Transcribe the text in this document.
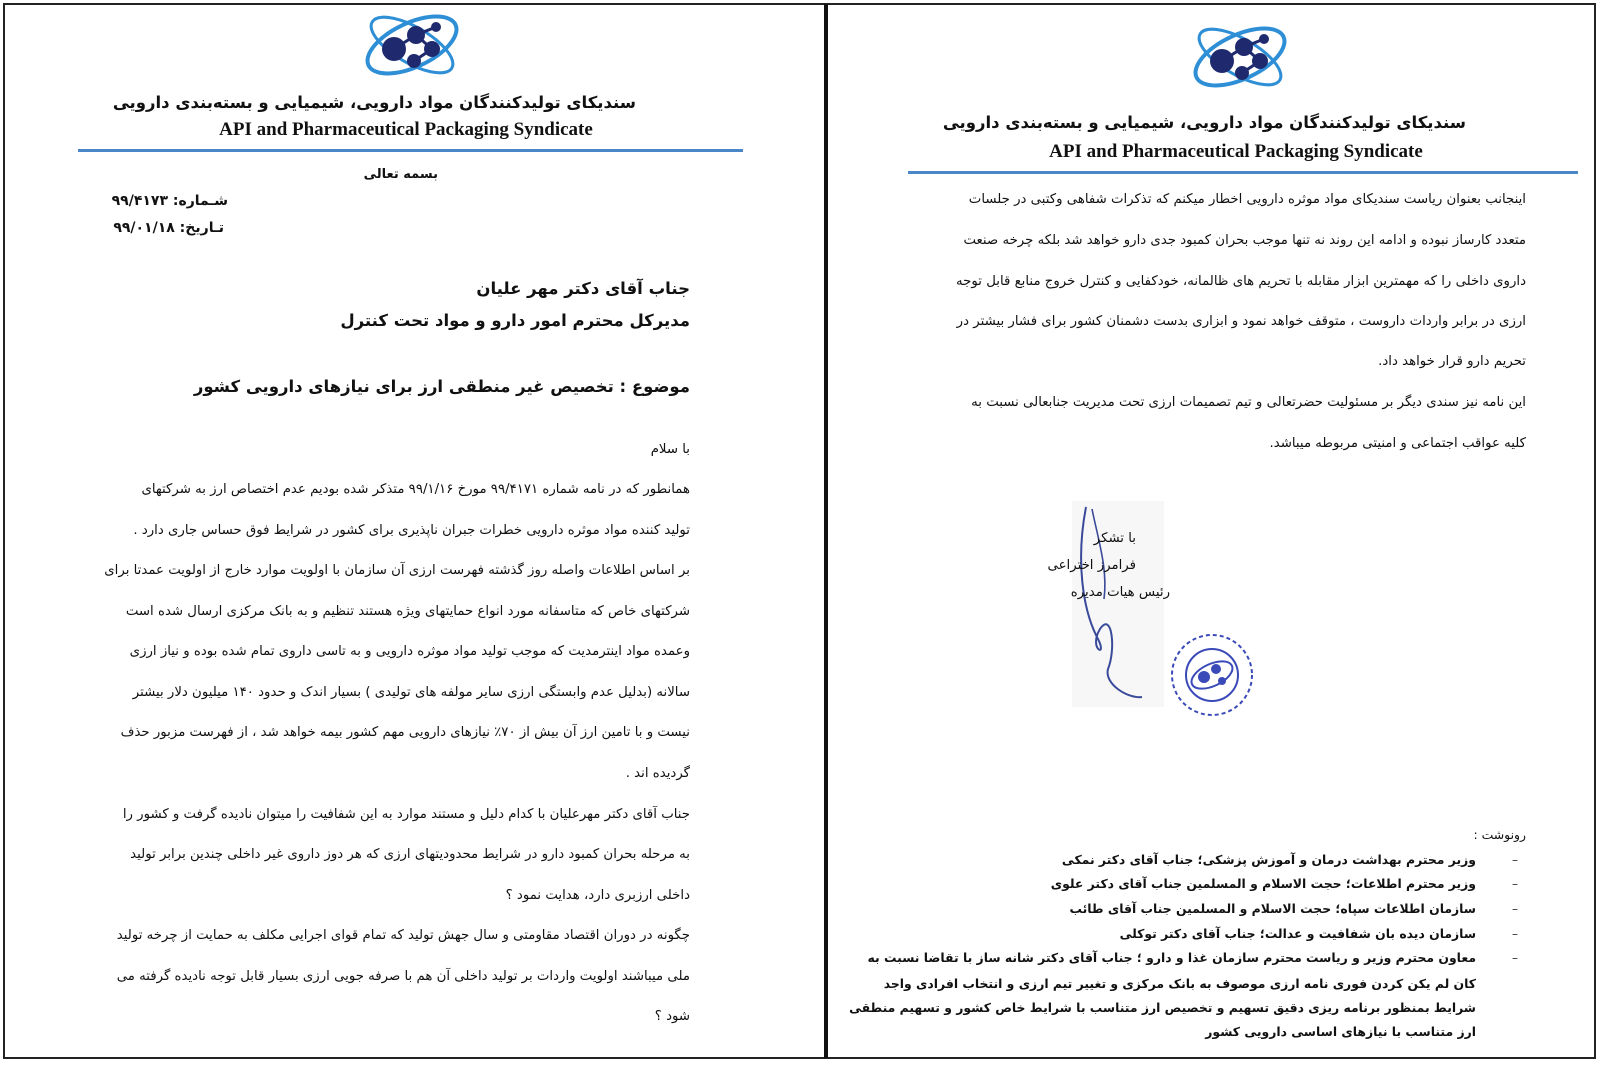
سندیکای تولیدکنندگان مواد دارویی، شیمیایی و بسته‌بندی دارویی
API and Pharmaceutical Packaging Syndicate
بسمه تعالی
شـماره: ۹۹/۴۱۷۳
تـاریخ: ۹۹/۰۱/۱۸
جناب آقای دکتر مهر علیان
مدیرکل محترم امور دارو و مواد تحت کنترل
موضوع : تخصیص غیر منطقی ارز برای نیازهای دارویی کشور
با سلام
همانطور که در نامه شماره ۹۹/۴۱۷۱ مورخ ۹۹/۱/۱۶ متذکر شده بودیم عدم اختصاص ارز به شرکتهای
تولید کننده مواد موثره دارویی خطرات جبران ناپذیری برای کشور در شرایط فوق حساس جاری دارد .
بر اساس اطلاعات واصله روز گذشته فهرست ارزی آن سازمان با اولویت موارد خارج از اولویت عمدتا برای
شرکتهای خاص که متاسفانه مورد انواع حمایتهای ویژه هستند تنظیم و به بانک مرکزی ارسال شده است
وعمده مواد اینترمدیت که موجب تولید مواد موثره دارویی و به تاسی داروی تمام شده بوده و نیاز ارزی
سالانه (بدلیل عدم وابستگی ارزی سایر مولفه های تولیدی ) بسیار اندک و حدود ۱۴۰ میلیون دلار بیشتر
نیست و با تامین ارز آن بیش از ۷۰٪ نیازهای دارویی مهم کشور بیمه خواهد شد ، از فهرست مزبور حذف
گردیده اند .
جناب آقای دکتر مهرعلیان با کدام دلیل و مستند موارد به این شفافیت را میتوان نادیده گرفت و کشور را
به مرحله بحران کمبود دارو در شرایط محدودیتهای ارزی که هر دوز داروی غیر داخلی چندین برابر تولید
داخلی ارزبری دارد، هدایت نمود ؟
چگونه در دوران اقتصاد مقاومتی و سال جهش تولید که تمام قوای اجرایی مکلف به حمایت از چرخه تولید
ملی میباشند اولویت واردات بر تولید داخلی آن هم با صرفه جویی ارزی بسیار قابل توجه نادیده گرفته می
شود ؟
سندیکای تولیدکنندگان مواد دارویی، شیمیایی و بسته‌بندی دارویی
API and Pharmaceutical Packaging Syndicate
اینجانب بعنوان ریاست سندیکای مواد موثره دارویی اخطار میکنم که تذکرات شفاهی وکتبی در جلسات
متعدد کارساز نبوده و ادامه این روند نه تنها موجب بحران کمبود جدی دارو خواهد شد بلکه چرخه صنعت
داروی داخلی را که مهمترین ابزار مقابله با تحریم های ظالمانه، خودکفایی و کنترل خروج منابع قابل توجه
ارزی در برابر واردات داروست ، متوقف خواهد نمود و ابزاری بدست دشمنان کشور برای فشار بیشتر در
تحریم دارو قرار خواهد داد.
این نامه نیز سندی دیگر بر مسئولیت حضرتعالی و تیم تصمیمات ارزی تحت مدیریت جنابعالی نسبت به
کلیه عواقب اجتماعی و امنیتی مربوطه میباشد.
با تشکر
فرامرز اختراعی
رئیس هیات مدیره
رونوشت :
–
وزیر محترم بهداشت درمان و آموزش پزشکی؛ جناب آقای دکتر نمکی
–
وزیر محترم اطلاعات؛ حجت الاسلام و المسلمین جناب آقای دکتر علوی
–
سازمان اطلاعات سپاه؛ حجت الاسلام و المسلمین جناب آقای طائب
–
سازمان دیده بان شفافیت و عدالت؛ جناب آقای دکتر توکلی
–
معاون محترم وزیر و ریاست محترم سازمان غذا و دارو ؛ جناب آقای دکتر شانه ساز با تقاضا نسبت به
کان لم یکن کردن فوری نامه ارزی موصوف به بانک مرکزی و تغییر تیم ارزی و انتخاب افرادی واجد
شرایط بمنظور برنامه ریزی دقیق تسهیم و تخصیص ارز متناسب با شرایط خاص کشور و تسهیم منطقی
ارز متناسب با نیازهای اساسی دارویی کشور
